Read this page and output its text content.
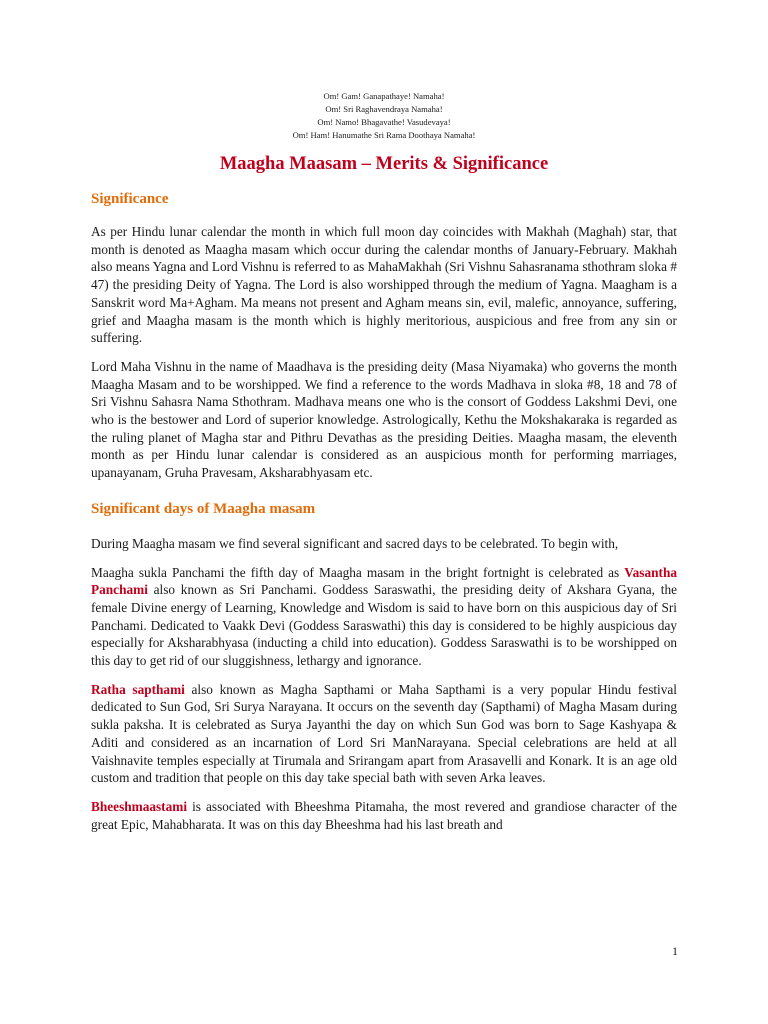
Om! Gam! Ganapathaye! Namaha!
Om! Sri Raghavendraya Namaha!
Om! Namo! Bhagavathe! Vasudevaya!
Om! Ham! Hanumathe Sri Rama Doothaya Namaha!
Maagha Maasam – Merits & Significance
Significance

As per Hindu lunar calendar the month in which full moon day coincides with Makhah (Maghah) star, that month is denoted as Maagha masam which occur during the calendar months of January-February. Makhah also means Yagna and Lord Vishnu is referred to as MahaMakhah (Sri Vishnu Sahasranama sthothram sloka # 47) the presiding Deity of Yagna. The Lord is also worshipped through the medium of Yagna. Maagham is a Sanskrit word Ma+Agham. Ma means not present and Agham means sin, evil, malefic, annoyance, suffering, grief and Maagha masam is the month which is highly meritorious, auspicious and free from any sin or suffering.

Lord Maha Vishnu in the name of Maadhava is the presiding deity (Masa Niyamaka) who governs the month Maagha Masam and to be worshipped. We find a reference to the words Madhava in sloka #8, 18 and 78 of Sri Vishnu Sahasra Nama Sthothram. Madhava means one who is the consort of Goddess Lakshmi Devi, one who is the bestower and Lord of superior knowledge. Astrologically, Kethu the Mokshakaraka is regarded as the ruling planet of Magha star and Pithru Devathas as the presiding Deities. Maagha masam, the eleventh month as per Hindu lunar calendar is considered as an auspicious month for performing marriages, upanayanam, Gruha Pravesam, Aksharabhyasam etc.

Significant days of Maagha masam

During Maagha masam we find several significant and sacred days to be celebrated. To begin with,

Maagha sukla Panchami the fifth day of Maagha masam in the bright fortnight is celebrated as Vasantha Panchami also known as Sri Panchami. Goddess Saraswathi, the presiding deity of Akshara Gyana, the female Divine energy of Learning, Knowledge and Wisdom is said to have born on this auspicious day of Sri Panchami. Dedicated to Vaakk Devi (Goddess Saraswathi) this day is considered to be highly auspicious day especially for Aksharabhyasa (inducting a child into education). Goddess Saraswathi is to be worshipped on this day to get rid of our sluggishness, lethargy and ignorance.

Ratha sapthami also known as Magha Sapthami or Maha Sapthami is a very popular Hindu festival dedicated to Sun God, Sri Surya Narayana. It occurs on the seventh day (Sapthami) of Magha Masam during sukla paksha. It is celebrated as Surya Jayanthi the day on which Sun God was born to Sage Kashyapa & Aditi and considered as an incarnation of Lord Sri ManNarayana. Special celebrations are held at all Vaishnavite temples especially at Tirumala and Srirangam apart from Arasavelli and Konark. It is an age old custom and tradition that people on this day take special bath with seven Arka leaves.

Bheeshmaastami is associated with Bheeshma Pitamaha, the most revered and grandiose character of the great Epic, Mahabharata. It was on this day Bheeshma had his last breath and

1
